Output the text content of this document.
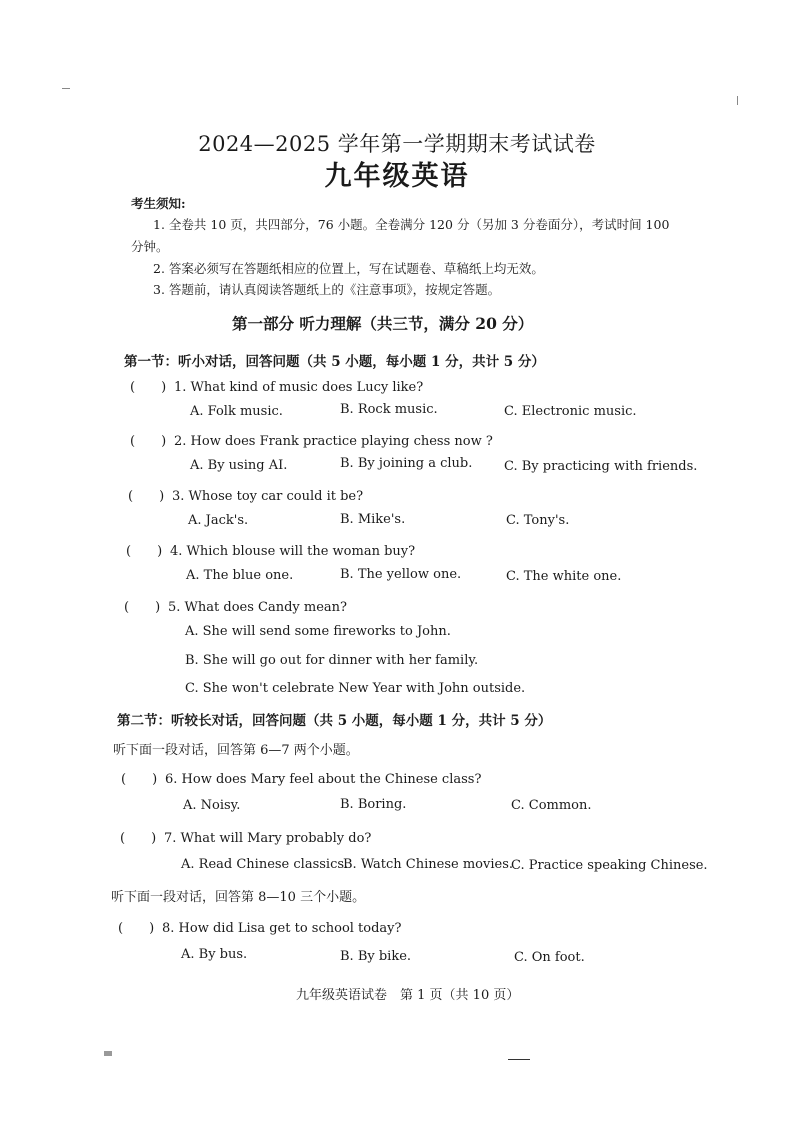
2024—2025 学年第一学期期末考试试卷
九年级英语
考生须知:
1. 全卷共 10 页，共四部分，76 小题。全卷满分 120 分（另加 3 分卷面分），考试时间 100
分钟。
2. 答案必须写在答题纸相应的位置上，写在试题卷、草稿纸上均无效。
3. 答题前，请认真阅读答题纸上的《注意事项》，按规定答题。
第一部分 听力理解（共三节，满分 20 分）
第一节：听小对话，回答问题（共 5 小题，每小题 1 分，共计 5 分）
(　　) 1. What kind of music does Lucy like?
A. Folk music.	B. Rock music.	C. Electronic music.
(　　) 2. How does Frank practice playing chess now ?
A. By using AI.	B. By joining a club. C. By practicing with friends.
(　　) 3. Whose toy car could it be?
A. Jack's.	B. Mike's.	C. Tony's.
(　　) 4. Which blouse will the woman buy?
A. The blue one.	B. The yellow one.	C. The white one.
(　　) 5. What does Candy mean?
A. She will send some fireworks to John.
B. She will go out for dinner with her family.
C. She won't celebrate New Year with John outside.
第二节：听较长对话，回答问题（共 5 小题，每小题 1 分，共计 5 分）
听下面一段对话，回答第 6—7 两个小题。
(　　) 6. How does Mary feel about the Chinese class?
A. Noisy.	B. Boring.	C. Common.
(　　) 7. What will Mary probably do?
A. Read Chinese classics.
B. Watch Chinese movies.
C. Practice speaking Chinese.
听下面一段对话，回答第 8—10 三个小题。
(　　) 8. How did Lisa get to school today?
A. By bus.	B. By bike.	C. On foot.
九年级英语试卷　第 1 页（共 10 页）
